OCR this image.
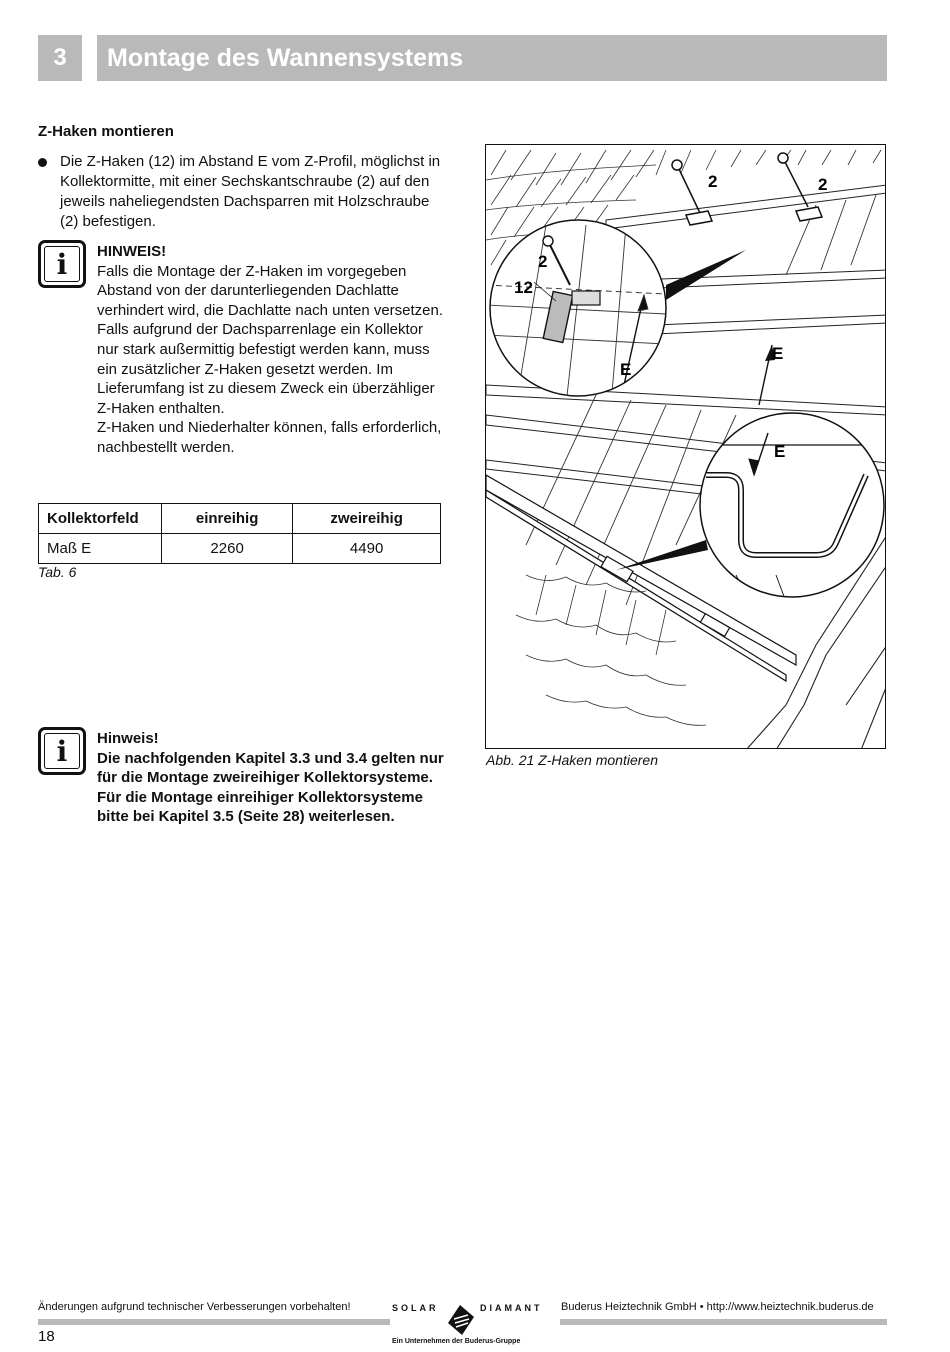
3	Montage des Wannensystems
Z-Haken montieren
Die Z-Haken (12) im Abstand E vom Z-Profil, möglichst in Kollektormitte, mit einer Sechskantschraube (2) auf den jeweils naheliegendsten Dachsparren mit Holzschraube (2) befestigen.
i	HINWEIS!
Falls die Montage der Z-Haken im vorgegeben Abstand von der darunterliegenden Dachlatte verhindert wird, die Dachlatte nach unten versetzen.
Falls aufgrund der Dachsparrenlage ein Kollektor nur stark außermittig befestigt werden kann, muss ein zusätzlicher Z-Haken gesetzt werden. Im Lieferumfang ist zu diesem Zweck ein überzähliger Z-Haken enthalten.
Z-Haken und Niederhalter können, falls erforderlich, nachbestellt werden.
Kollektorfeld	einreihig	zweireihig
Maß E	2260	4490
Tab. 6
i	Hinweis!
Die nachfolgenden Kapitel 3.3 und 3.4 gelten nur für die Montage zweireihiger Kollektorsysteme.
Für die Montage einreihiger Kollektorsysteme bitte bei Kapitel 3.5 (Seite 28) weiterlesen.
2	2
2
12
E
E
E
Abb. 21 Z-Haken montieren
Änderungen aufgrund technischer Verbesserungen vorbehalten!	Buderus Heiztechnik GmbH • http://www.heiztechnik.buderus.de
18
SOLAR	DIAMANT
Ein Unternehmen der Buderus-Gruppe
